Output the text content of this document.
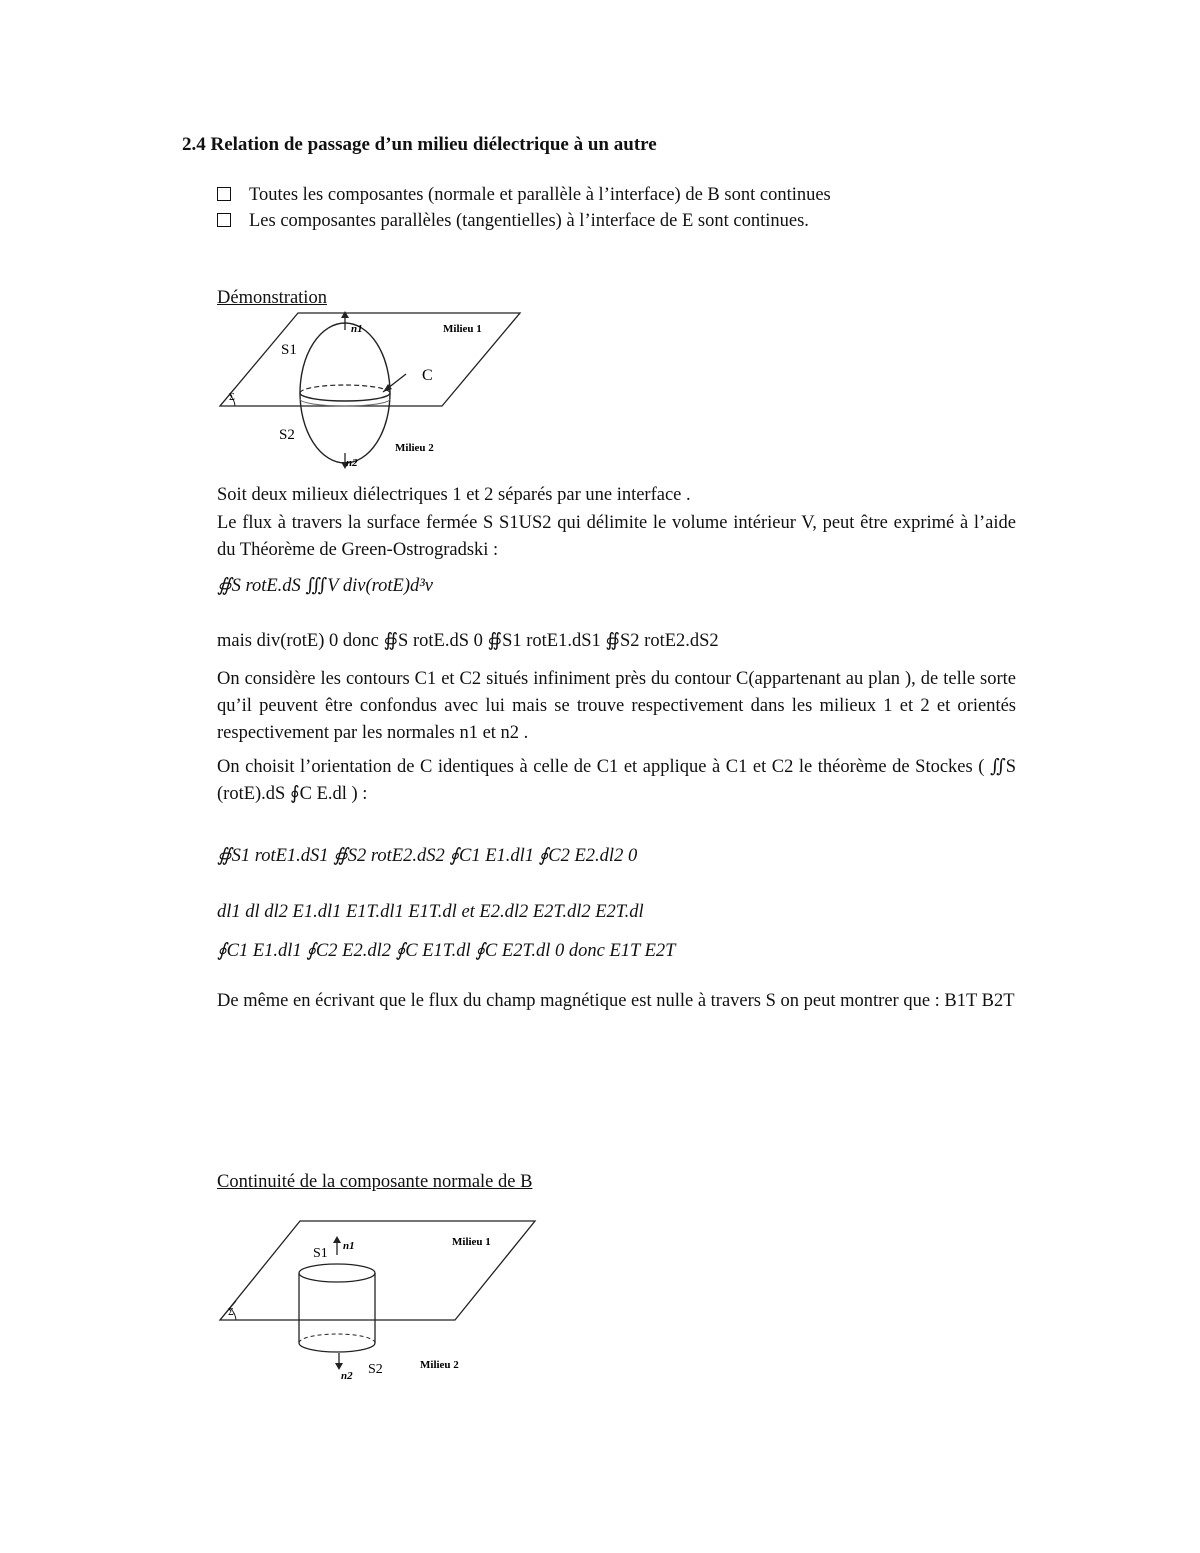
2.4 Relation de passage d’un milieu diélectrique à un autre
Toutes les composantes (normale et parallèle à l’interface) de B sont continues
Les composantes parallèles (tangentielles) à l’interface de E sont continues.
Démonstration
Σ
Milieu 1
Milieu 2
S1
S2
C
n1
n2
Soit deux milieux diélectriques 1 et 2 séparés par une interface .
Le flux à travers la surface fermée S S1US2 qui délimite le volume intérieur V, peut être exprimé à l’aide du Théorème de Green-Ostrogradski :
∯S rotE.dS ∭V div(rotE)d³v
mais div(rotE) 0 donc ∯S rotE.dS 0 ∯S1 rotE1.dS1 ∯S2 rotE2.dS2
On considère les contours C1 et C2 situés infiniment près du contour C(appartenant au plan ), de telle sorte qu’il peuvent être confondus avec lui mais se trouve respectivement dans les milieux 1 et 2 et orientés respectivement par les normales n1 et n2 .
On choisit l’orientation de C identiques à celle de C1 et applique à C1 et C2 le théorème de Stockes ( ∬S (rotE).dS ∮C E.dl ) :
∯S1 rotE1.dS1 ∯S2 rotE2.dS2 ∮C1 E1.dl1 ∮C2 E2.dl2 0
dl1 dl dl2 E1.dl1 E1T.dl1 E1T.dl et E2.dl2 E2T.dl2 E2T.dl
∮C1 E1.dl1 ∮C2 E2.dl2 ∮C E1T.dl ∮C E2T.dl 0 donc E1T E2T
De même en écrivant que le flux du champ magnétique est nulle à travers S on peut montrer que : B1T B2T
Continuité de la composante normale de B
Σ
Milieu 1
Milieu 2
S1
S2
n1
n2
